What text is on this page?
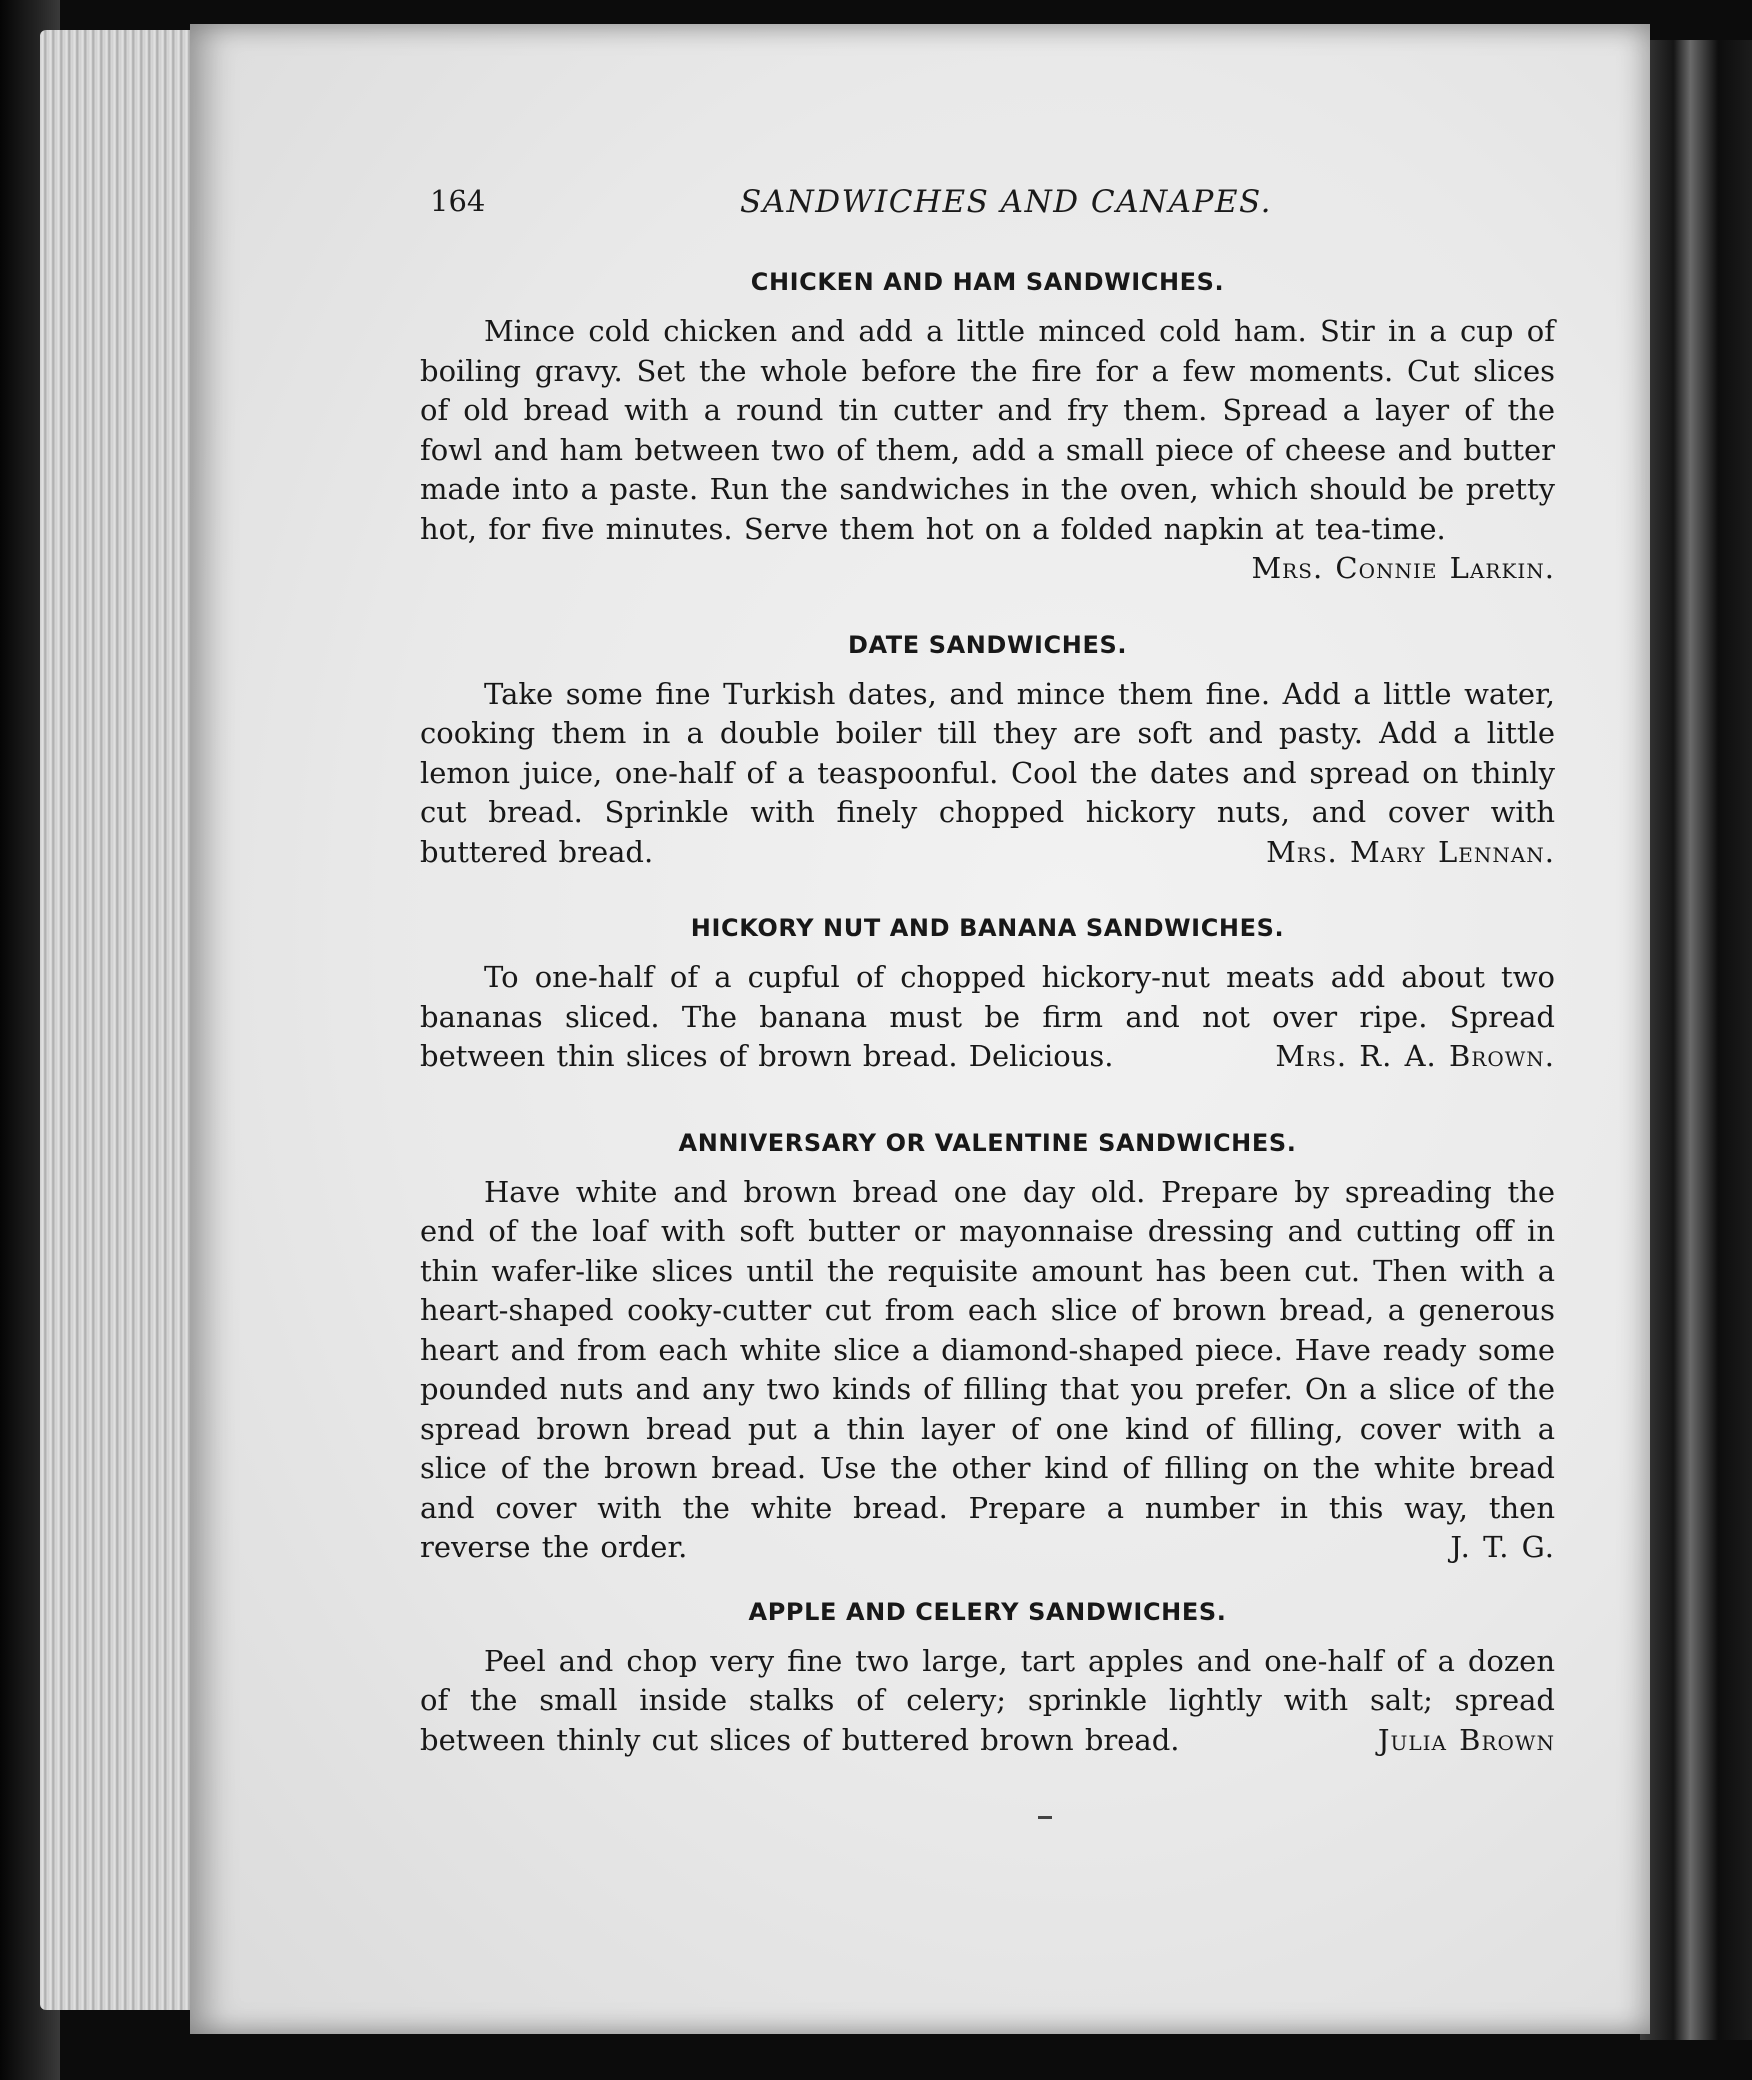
164	SANDWICHES AND CANAPES.
CHICKEN AND HAM SANDWICHES.

Mince cold chicken and add a little minced cold ham. Stir in a cup of boiling gravy. Set the whole before the fire for a few moments. Cut slices of old bread with a round tin cutter and fry them. Spread a layer of the fowl and ham between two of them, add a small piece of cheese and butter made into a paste. Run the sandwiches in the oven, which should be pretty hot, for five minutes. Serve them hot on a folded napkin at tea-time.
Mrs. Connie Larkin.

DATE SANDWICHES.

Take some fine Turkish dates, and mince them fine. Add a little water, cooking them in a double boiler till they are soft and pasty. Add a little lemon juice, one-half of a teaspoonful. Cool the dates and spread on thinly cut bread. Sprinkle with finely chopped hickory nuts, and cover with buttered bread.	Mrs. Mary Lennan.

HICKORY NUT AND BANANA SANDWICHES.

To one-half of a cupful of chopped hickory-nut meats add about two bananas sliced. The banana must be firm and not over ripe. Spread between thin slices of brown bread. Delicious.	Mrs. R. A. Brown.

ANNIVERSARY OR VALENTINE SANDWICHES.

Have white and brown bread one day old. Prepare by spreading the end of the loaf with soft butter or mayonnaise dressing and cutting off in thin wafer-like slices until the requisite amount has been cut. Then with a heart-shaped cooky-cutter cut from each slice of brown bread, a generous heart and from each white slice a diamond-shaped piece. Have ready some pounded nuts and any two kinds of filling that you prefer. On a slice of the spread brown bread put a thin layer of one kind of filling, cover with a slice of the brown bread. Use the other kind of filling on the white bread and cover with the white bread. Prepare a number in this way, then reverse the order.	J. T. G.

APPLE AND CELERY SANDWICHES.

Peel and chop very fine two large, tart apples and one-half of a dozen of the small inside stalks of celery; sprinkle lightly with salt; spread between thinly cut slices of buttered brown bread.	Julia Brown
